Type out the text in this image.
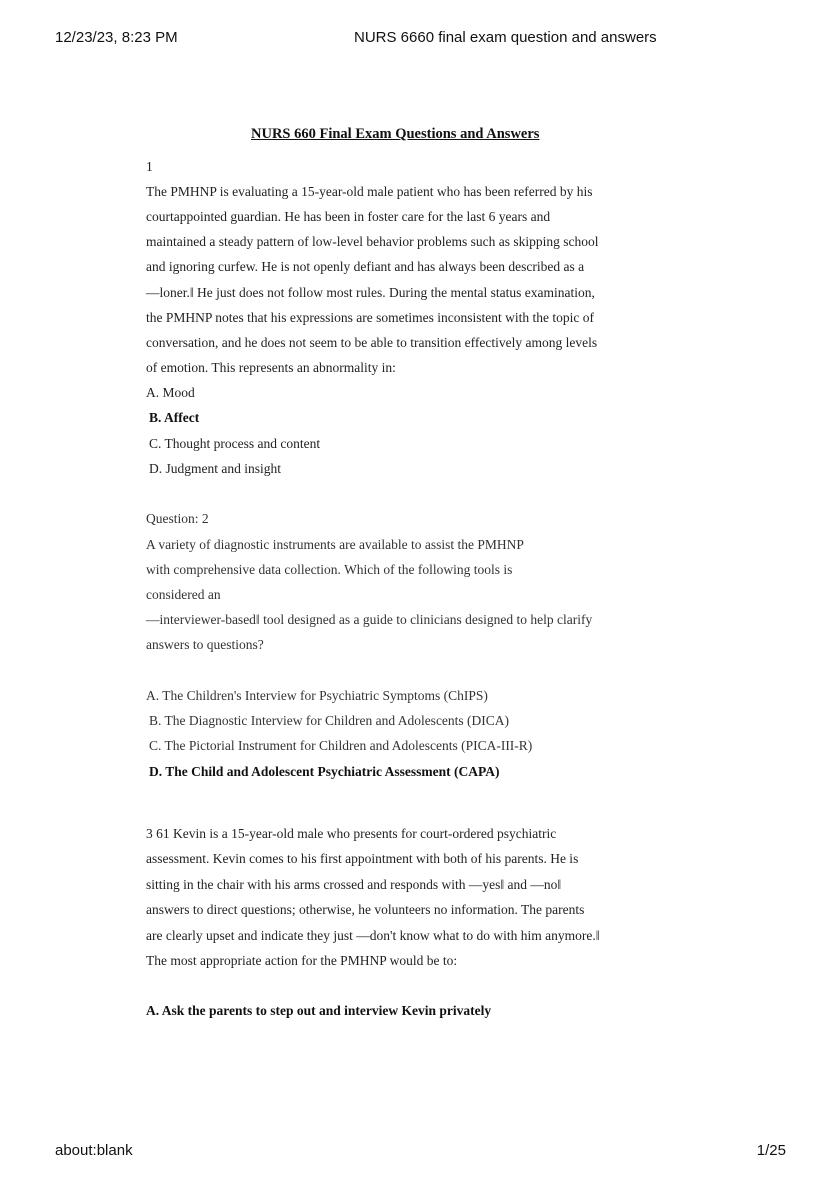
12/23/23, 8:23 PM	NURS 6660 final exam question and answers
NURS 660 Final Exam Questions and Answers
1
The PMHNP is evaluating a 15-year-old male patient who has been referred by his
courtappointed guardian. He has been in foster care for the last 6 years and
maintained a steady pattern of low-level behavior problems such as skipping school
and ignoring curfew. He is not openly defiant and has always been described as a
—loner.‖ He just does not follow most rules. During the mental status examination,
the PMHNP notes that his expressions are sometimes inconsistent with the topic of
conversation, and he does not seem to be able to transition effectively among levels
of emotion. This represents an abnormality in:
A. Mood
B. Affect
C. Thought process and content
D. Judgment and insight
Question: 2
A variety of diagnostic instruments are available to assist the PMHNP
with comprehensive data collection. Which of the following tools is
considered an
—interviewer-based‖ tool designed as a guide to clinicians designed to help clarify
answers to questions?
A. The Children's Interview for Psychiatric Symptoms (ChIPS)
B. The Diagnostic Interview for Children and Adolescents (DICA)
C. The Pictorial Instrument for Children and Adolescents (PICA-III-R)
D. The Child and Adolescent Psychiatric Assessment (CAPA)
3 61 Kevin is a 15-year-old male who presents for court-ordered psychiatric
assessment. Kevin comes to his first appointment with both of his parents. He is
sitting in the chair with his arms crossed and responds with —yes‖ and —no‖
answers to direct questions; otherwise, he volunteers no information. The parents
are clearly upset and indicate they just —don't know what to do with him anymore.‖
The most appropriate action for the PMHNP would be to:
A. Ask the parents to step out and interview Kevin privately
about:blank	1/25
